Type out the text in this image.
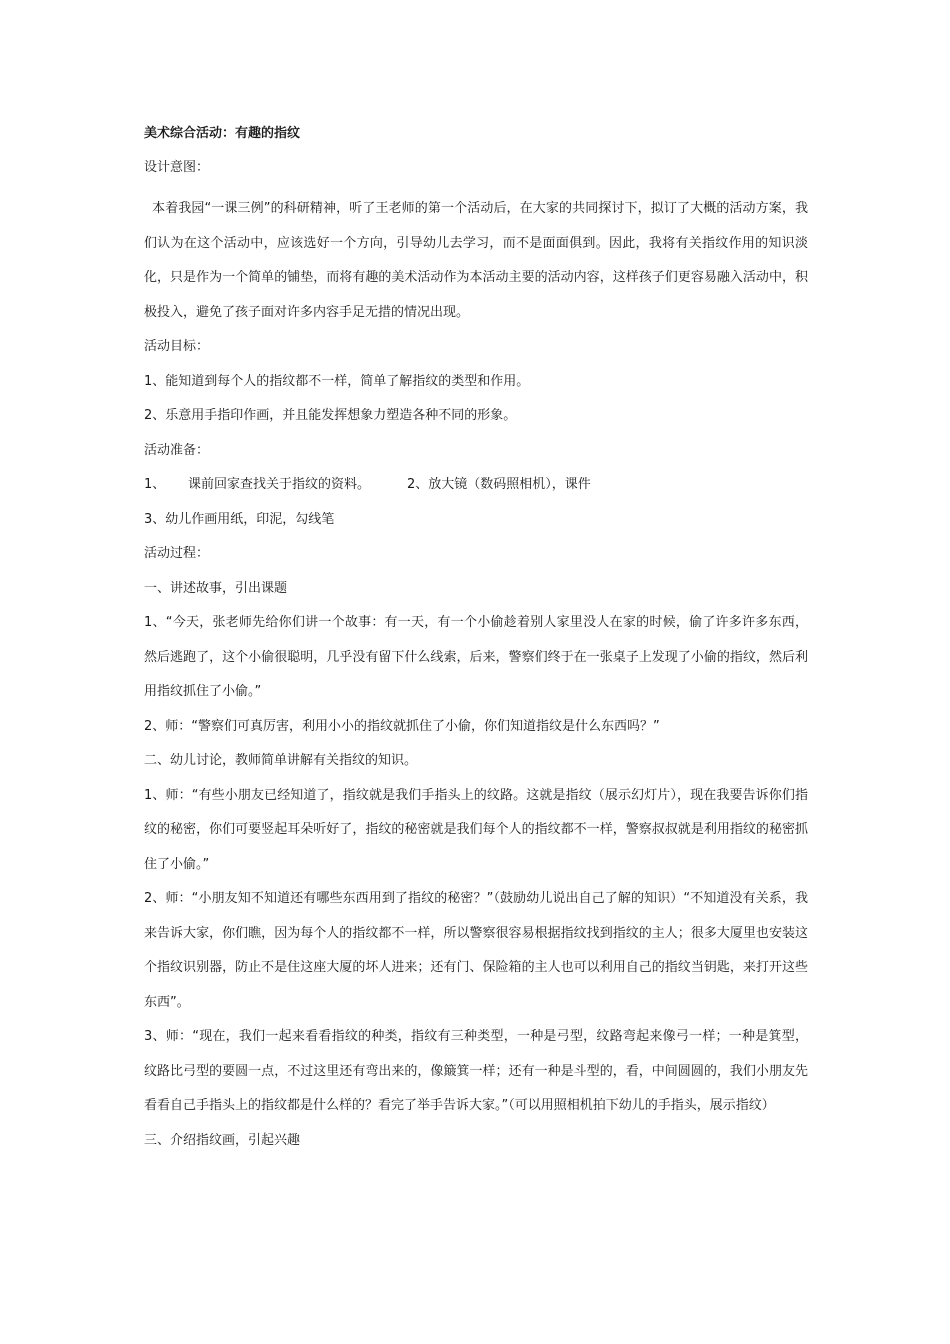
美术综合活动：有趣的指纹

设计意图：

本着我园“一课三例”的科研精神，听了王老师的第一个活动后，在大家的共同探讨下，拟订了大概的活动方案，我们认为在这个活动中，应该选好一个方向，引导幼儿去学习，而不是面面俱到。因此，我将有关指纹作用的知识淡化，只是作为一个简单的铺垫，而将有趣的美术活动作为本活动主要的活动内容，这样孩子们更容易融入活动中，积极投入，避免了孩子面对许多内容手足无措的情况出现。

活动目标：

1、能知道到每个人的指纹都不一样，简单了解指纹的类型和作用。

2、乐意用手指印作画，并且能发挥想象力塑造各种不同的形象。

活动准备：

1、 课前回家查找关于指纹的资料。	2、放大镜（数码照相机），课件

3、幼儿作画用纸，印泥，勾线笔

活动过程：

一、讲述故事，引出课题

1、“今天，张老师先给你们讲一个故事：有一天，有一个小偷趁着别人家里没人在家的时候，偷了许多许多东西，然后逃跑了，这个小偷很聪明，几乎没有留下什么线索，后来，警察们终于在一张桌子上发现了小偷的指纹，然后利用指纹抓住了小偷。”

2、师：“警察们可真厉害，利用小小的指纹就抓住了小偷，你们知道指纹是什么东西吗？”

二、幼儿讨论，教师简单讲解有关指纹的知识。

1、师：“有些小朋友已经知道了，指纹就是我们手指头上的纹路。这就是指纹（展示幻灯片），现在我要告诉你们指纹的秘密，你们可要竖起耳朵听好了，指纹的秘密就是我们每个人的指纹都不一样，警察叔叔就是利用指纹的秘密抓住了小偷。”

2、师：“小朋友知不知道还有哪些东西用到了指纹的秘密？”（鼓励幼儿说出自己了解的知识）“不知道没有关系，我来告诉大家，你们瞧，因为每个人的指纹都不一样，所以警察很容易根据指纹找到指纹的主人；很多大厦里也安装这个指纹识别器，防止不是住这座大厦的坏人进来；还有门、保险箱的主人也可以利用自己的指纹当钥匙，来打开这些东西”。

3、师：“现在，我们一起来看看指纹的种类，指纹有三种类型，一种是弓型，纹路弯起来像弓一样；一种是箕型，纹路比弓型的要圆一点，不过这里还有弯出来的，像簸箕一样；还有一种是斗型的，看，中间圆圆的，我们小朋友先看看自己手指头上的指纹都是什么样的？看完了举手告诉大家。”（可以用照相机拍下幼儿的手指头，展示指纹）

三、介绍指纹画，引起兴趣
